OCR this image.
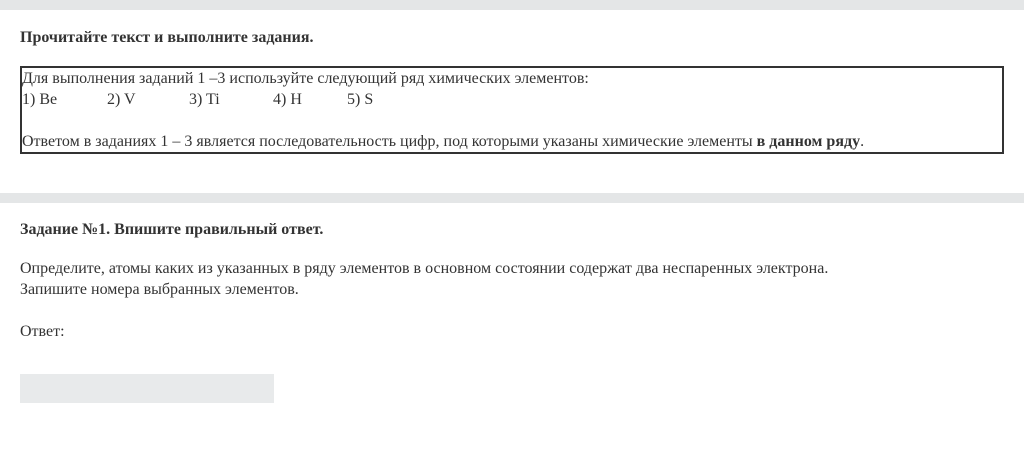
Прочитайте текст и выполните задания.
Для выполнения заданий 1 –3 используйте следующий ряд химических элементов:
1) Be	2) V	3) Ti	4) H	5) S
Ответом в заданиях 1 – 3 является последовательность цифр, под которыми указаны химические элементы в данном ряду.
Задание №1. Впишите правильный ответ.
Определите, атомы каких из указанных в ряду элементов в основном состоянии содержат два неспаренных электрона.
Запишите номера выбранных элементов.
Ответ:
